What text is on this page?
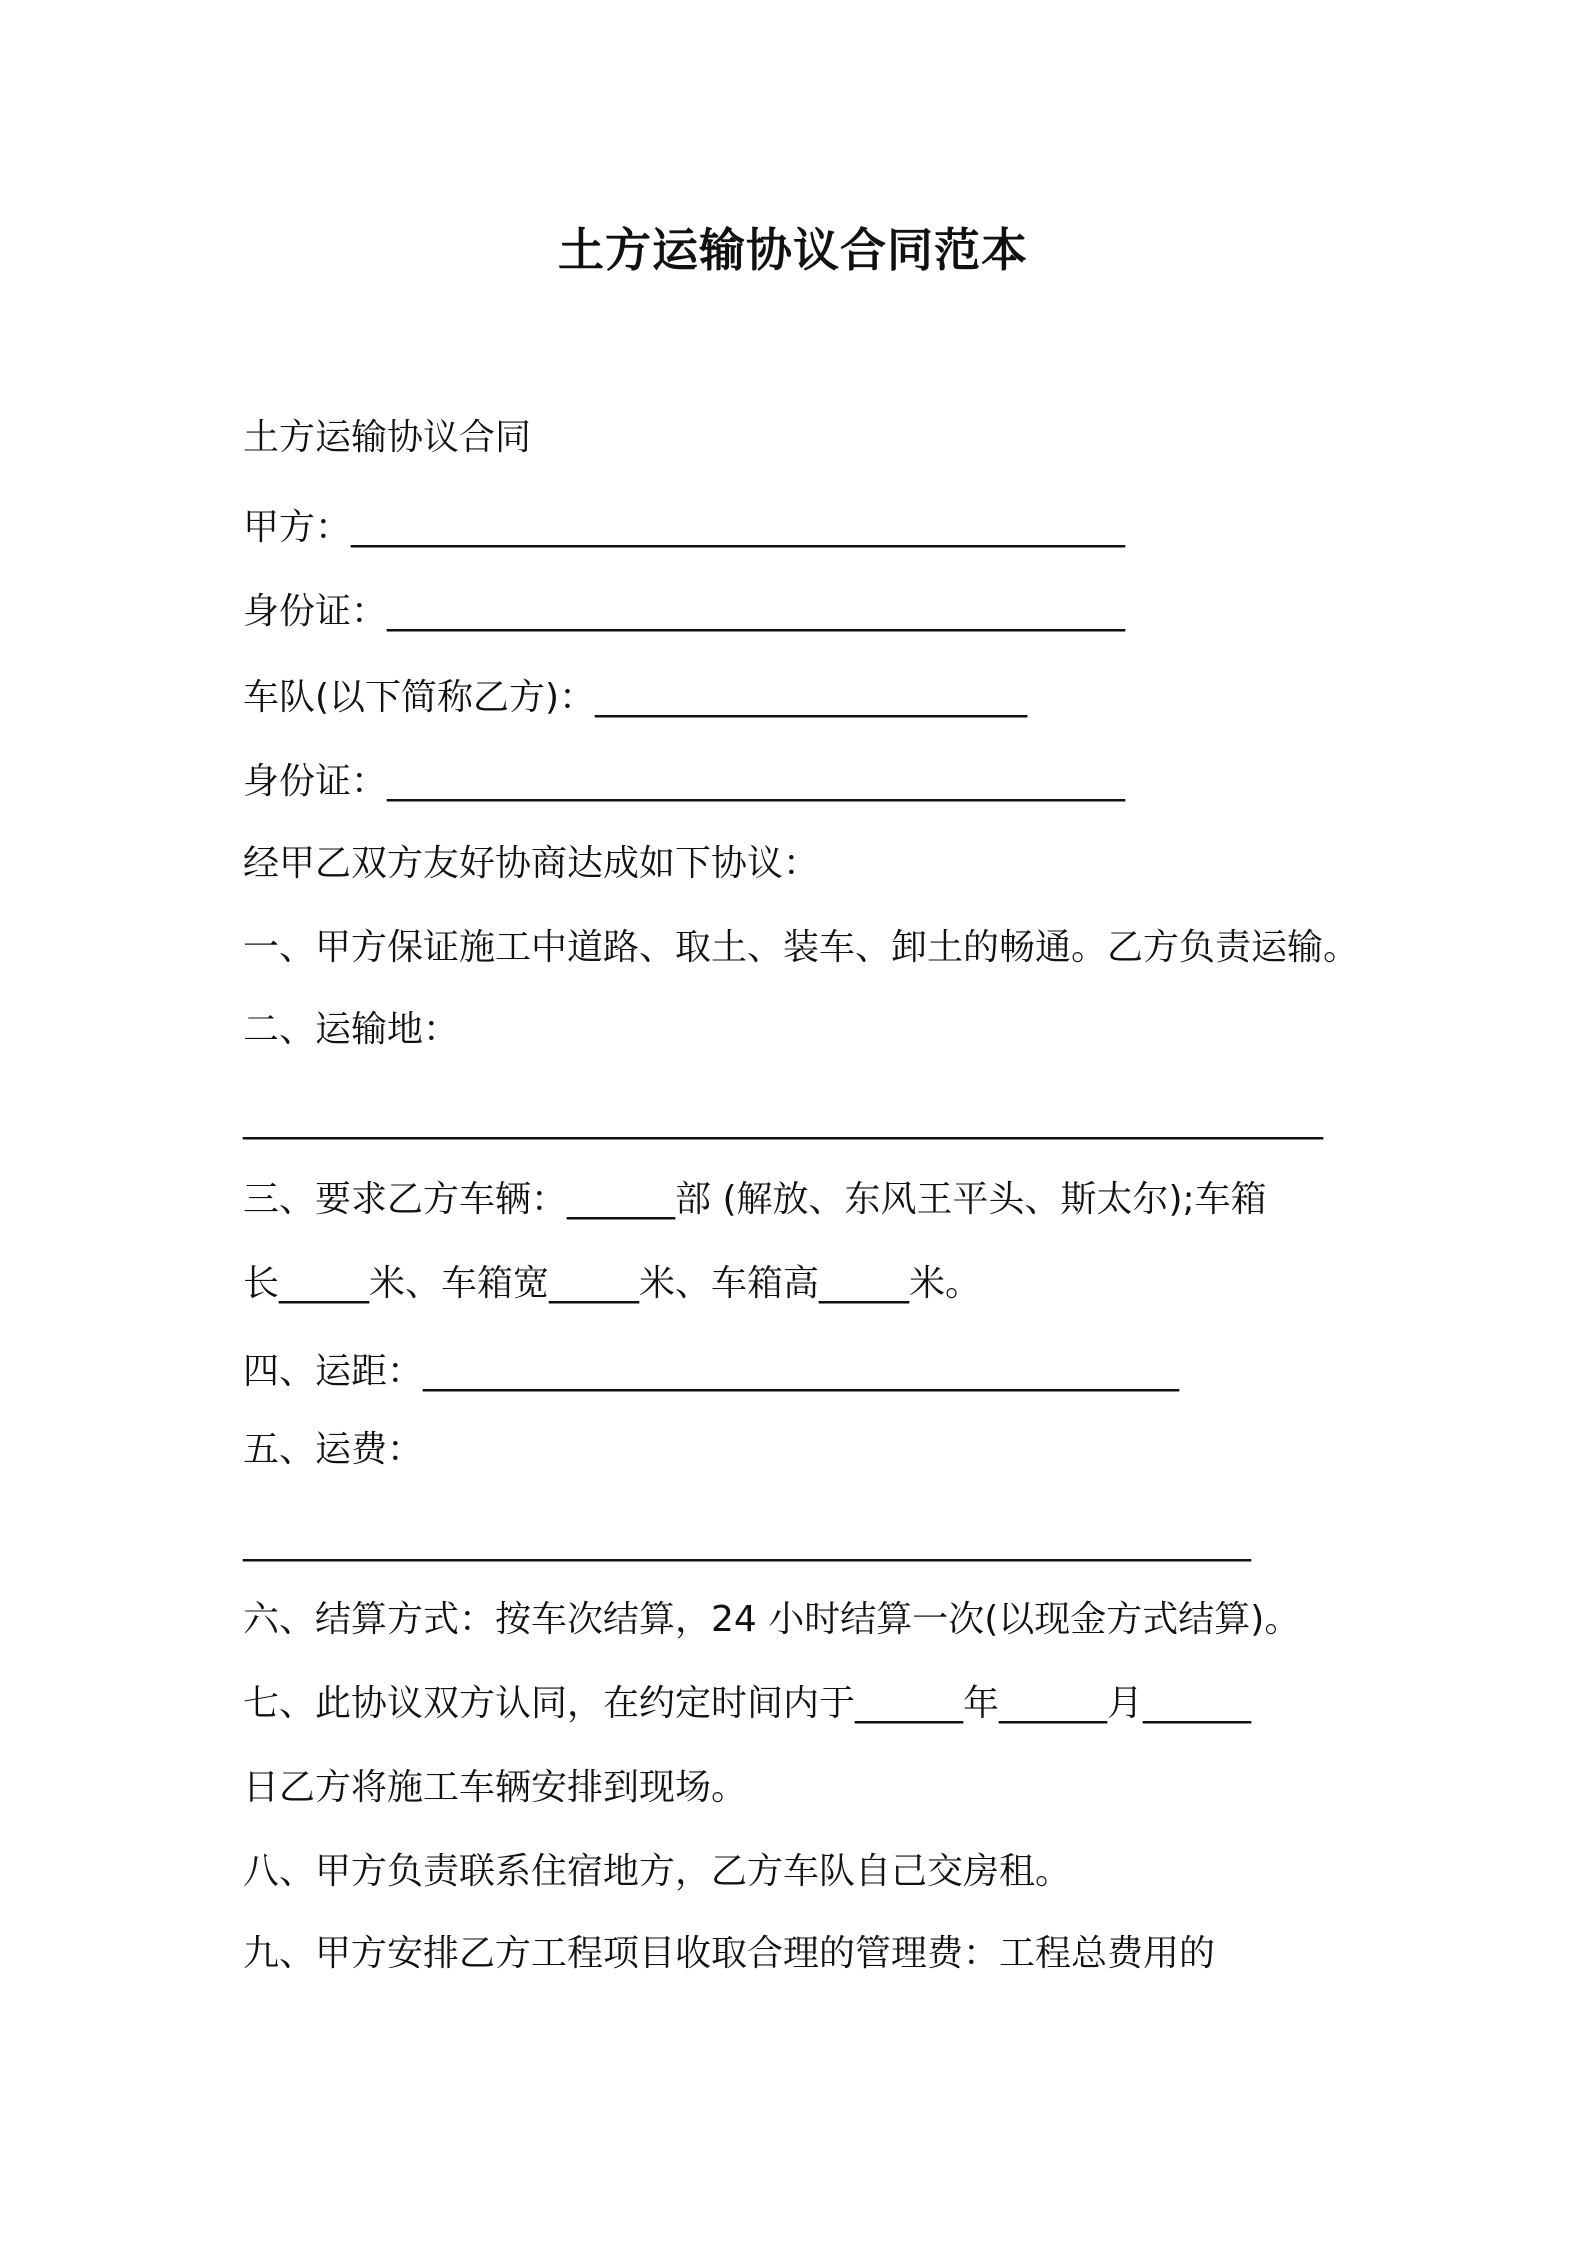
土方运输协议合同范本
土方运输协议合同
甲方：___________________________________________
身份证：_________________________________________
车队(以下简称乙方)：________________________
身份证：_________________________________________
经甲乙双方友好协商达成如下协议：
一、甲方保证施工中道路、取土、装车、卸土的畅通。乙方负责运输。
二、运输地：
____________________________________________________________
三、要求乙方车辆：______部 (解放、东风王平头、斯太尔);车箱
长_____米、车箱宽_____米、车箱高_____米。
四、运距：__________________________________________
五、运费：
________________________________________________________
六、结算方式：按车次结算，24 小时结算一次(以现金方式结算)。
七、此协议双方认同，在约定时间内于______年______月______
日乙方将施工车辆安排到现场。
八、甲方负责联系住宿地方，乙方车队自己交房租。
九、甲方安排乙方工程项目收取合理的管理费：工程总费用的
